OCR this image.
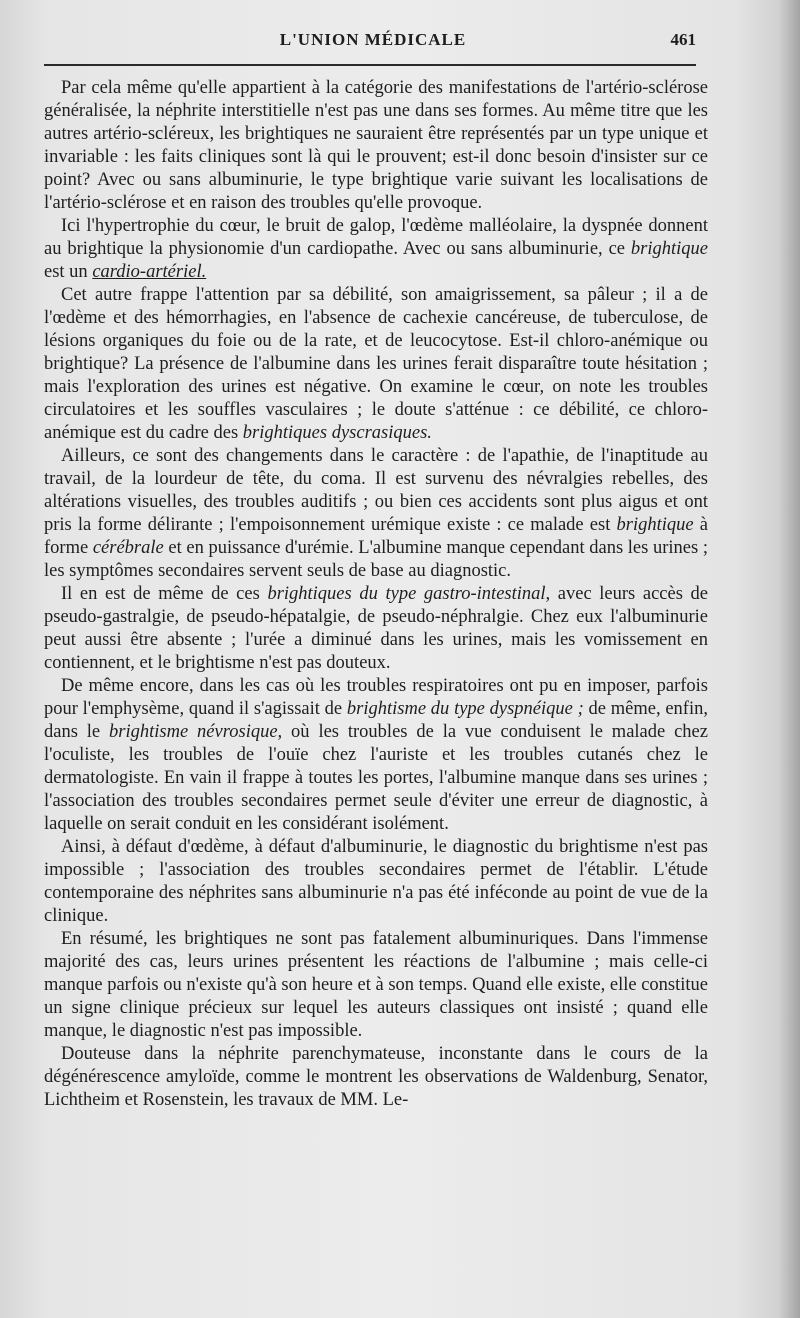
L'UNION MÉDICALE	461

Par cela même qu'elle appartient à la catégorie des manifestations de l'artério-sclérose généralisée, la néphrite interstitielle n'est pas une dans ses formes. Au même titre que les autres artério-scléreux, les brightiques ne sauraient être représentés par un type unique et invariable : les faits cliniques sont là qui le prouvent; est-il donc besoin d'insister sur ce point? Avec ou sans albuminurie, le type brightique varie suivant les localisations de l'artério-sclérose et en raison des troubles qu'elle provoque.

Ici l'hypertrophie du cœur, le bruit de galop, l'œdème malléolaire, la dyspnée donnent au brightique la physionomie d'un cardiopathe. Avec ou sans albuminurie, ce brightique est un cardio-artériel.

Cet autre frappe l'attention par sa débilité, son amaigrissement, sa pâleur ; il a de l'œdème et des hémorrhagies, en l'absence de cachexie cancéreuse, de tuberculose, de lésions organiques du foie ou de la rate, et de leucocytose. Est-il chloro-anémique ou brightique? La présence de l'albumine dans les urines ferait disparaître toute hésitation ; mais l'exploration des urines est négative. On examine le cœur, on note les troubles circulatoires et les souffles vasculaires ; le doute s'atténue : ce débilité, ce chloro-anémique est du cadre des brightiques dyscrasiques.

Ailleurs, ce sont des changements dans le caractère : de l'apathie, de l'inaptitude au travail, de la lourdeur de tête, du coma. Il est survenu des névralgies rebelles, des altérations visuelles, des troubles auditifs ; ou bien ces accidents sont plus aigus et ont pris la forme délirante ; l'empoisonnement urémique existe : ce malade est brightique à forme cérébrale et en puissance d'urémie. L'albumine manque cependant dans les urines ; les symptômes secondaires servent seuls de base au diagnostic.

Il en est de même de ces brightiques du type gastro-intestinal, avec leurs accès de pseudo-gastralgie, de pseudo-hépatalgie, de pseudo-néphralgie. Chez eux l'albuminurie peut aussi être absente ; l'urée a diminué dans les urines, mais les vomissement en contiennent, et le brightisme n'est pas douteux.

De même encore, dans les cas où les troubles respiratoires ont pu en imposer, parfois pour l'emphysème, quand il s'agissait de brightisme du type dyspnéique ; de même, enfin, dans le brightisme névrosique, où les troubles de la vue conduisent le malade chez l'oculiste, les troubles de l'ouïe chez l'auriste et les troubles cutanés chez le dermatologiste. En vain il frappe à toutes les portes, l'albumine manque dans ses urines ; l'association des troubles secondaires permet seule d'éviter une erreur de diagnostic, à laquelle on serait conduit en les considérant isolément.

Ainsi, à défaut d'œdème, à défaut d'albuminurie, le diagnostic du brightisme n'est pas impossible ; l'association des troubles secondaires permet de l'établir. L'étude contemporaine des néphrites sans albuminurie n'a pas été inféconde au point de vue de la clinique.

En résumé, les brightiques ne sont pas fatalement albuminuriques. Dans l'immense majorité des cas, leurs urines présentent les réactions de l'albumine ; mais celle-ci manque parfois ou n'existe qu'à son heure et à son temps. Quand elle existe, elle constitue un signe clinique précieux sur lequel les auteurs classiques ont insisté ; quand elle manque, le diagnostic n'est pas impossible.

Douteuse dans la néphrite parenchymateuse, inconstante dans le cours de la dégénérescence amyloïde, comme le montrent les observations de Waldenburg, Senator, Lichtheim et Rosenstein, les travaux de MM. Le-
